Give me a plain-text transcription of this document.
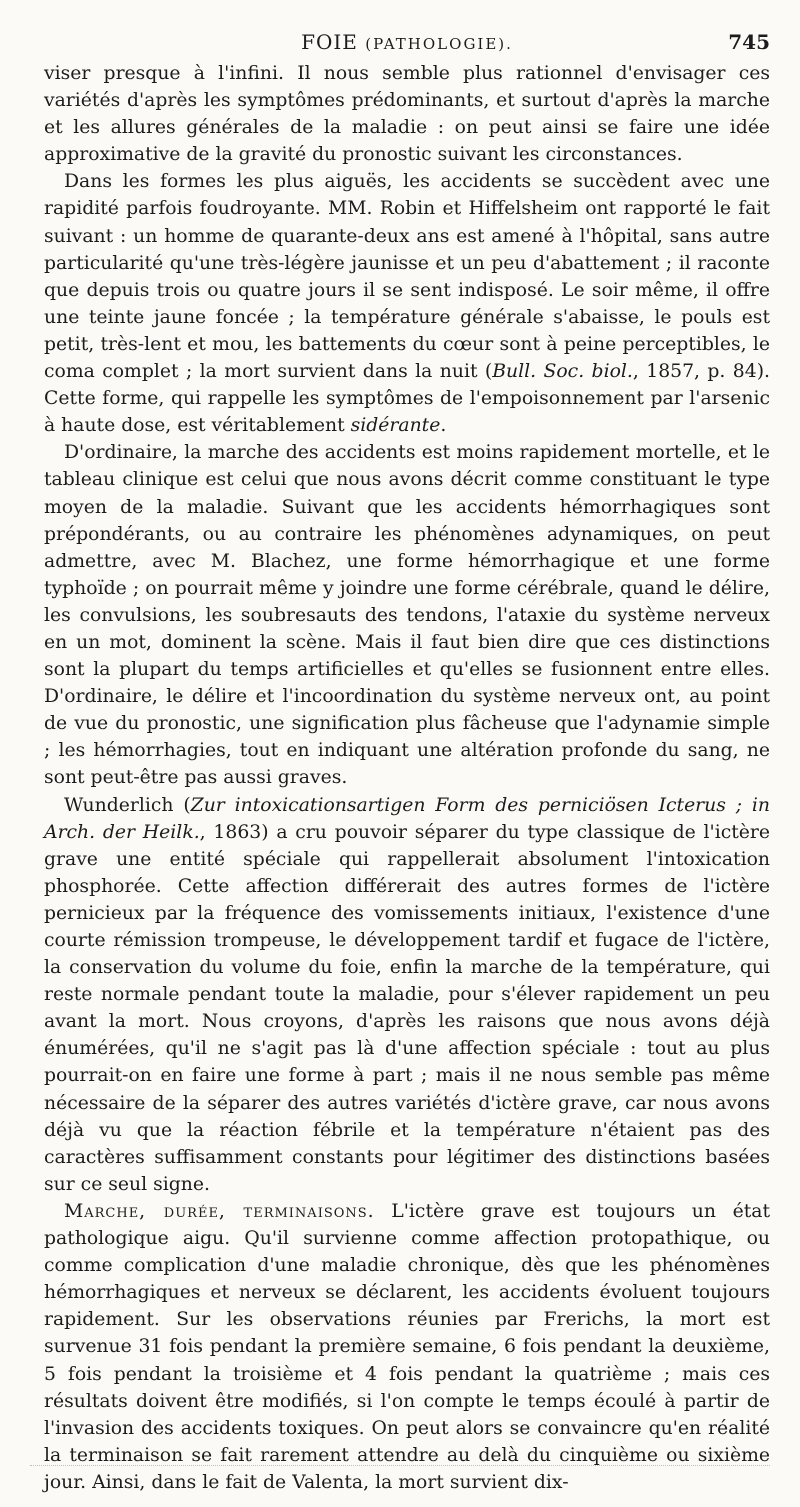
FOIE (PATHOLOGIE).	745

viser presque à l'infini. Il nous semble plus rationnel d'envisager ces variétés d'après les symptômes prédominants, et surtout d'après la marche et les allures générales de la maladie : on peut ainsi se faire une idée approximative de la gravité du pronostic suivant les circonstances.

Dans les formes les plus aiguës, les accidents se succèdent avec une rapidité parfois foudroyante. MM. Robin et Hiffelsheim ont rapporté le fait suivant : un homme de quarante-deux ans est amené à l'hôpital, sans autre particularité qu'une très-légère jaunisse et un peu d'abattement ; il raconte que depuis trois ou quatre jours il se sent indisposé. Le soir même, il offre une teinte jaune foncée ; la température générale s'abaisse, le pouls est petit, très-lent et mou, les battements du cœur sont à peine perceptibles, le coma complet ; la mort survient dans la nuit (Bull. Soc. biol., 1857, p. 84). Cette forme, qui rappelle les symptômes de l'empoisonnement par l'arsenic à haute dose, est véritablement sidérante.

D'ordinaire, la marche des accidents est moins rapidement mortelle, et le tableau clinique est celui que nous avons décrit comme constituant le type moyen de la maladie. Suivant que les accidents hémorrhagiques sont prépondérants, ou au contraire les phénomènes adynamiques, on peut admettre, avec M. Blachez, une forme hémorrhagique et une forme typhoïde ; on pourrait même y joindre une forme cérébrale, quand le délire, les convulsions, les soubresauts des tendons, l'ataxie du système nerveux en un mot, dominent la scène. Mais il faut bien dire que ces distinctions sont la plupart du temps artificielles et qu'elles se fusionnent entre elles. D'ordinaire, le délire et l'incoordination du système nerveux ont, au point de vue du pronostic, une signification plus fâcheuse que l'adynamie simple ; les hémorrhagies, tout en indiquant une altération profonde du sang, ne sont peut-être pas aussi graves.

Wunderlich (Zur intoxicationsartigen Form des perniciösen Icterus ; in Arch. der Heilk., 1863) a cru pouvoir séparer du type classique de l'ictère grave une entité spéciale qui rappellerait absolument l'intoxication phosphorée. Cette affection différerait des autres formes de l'ictère pernicieux par la fréquence des vomissements initiaux, l'existence d'une courte rémission trompeuse, le développement tardif et fugace de l'ictère, la conservation du volume du foie, enfin la marche de la température, qui reste normale pendant toute la maladie, pour s'élever rapidement un peu avant la mort. Nous croyons, d'après les raisons que nous avons déjà énumérées, qu'il ne s'agit pas là d'une affection spéciale : tout au plus pourrait-on en faire une forme à part ; mais il ne nous semble pas même nécessaire de la séparer des autres variétés d'ictère grave, car nous avons déjà vu que la réaction fébrile et la température n'étaient pas des caractères suffisamment constants pour légitimer des distinctions basées sur ce seul signe.

Marche, durée, terminaisons. L'ictère grave est toujours un état pathologique aigu. Qu'il survienne comme affection protopathique, ou comme complication d'une maladie chronique, dès que les phénomènes hémorrhagiques et nerveux se déclarent, les accidents évoluent toujours rapidement. Sur les observations réunies par Frerichs, la mort est survenue 31 fois pendant la première semaine, 6 fois pendant la deuxième, 5 fois pendant la troisième et 4 fois pendant la quatrième ; mais ces résultats doivent être modifiés, si l'on compte le temps écoulé à partir de l'invasion des accidents toxiques. On peut alors se convaincre qu'en réalité la terminaison se fait rarement attendre au delà du cinquième ou sixième jour. Ainsi, dans le fait de Valenta, la mort survient dix-
